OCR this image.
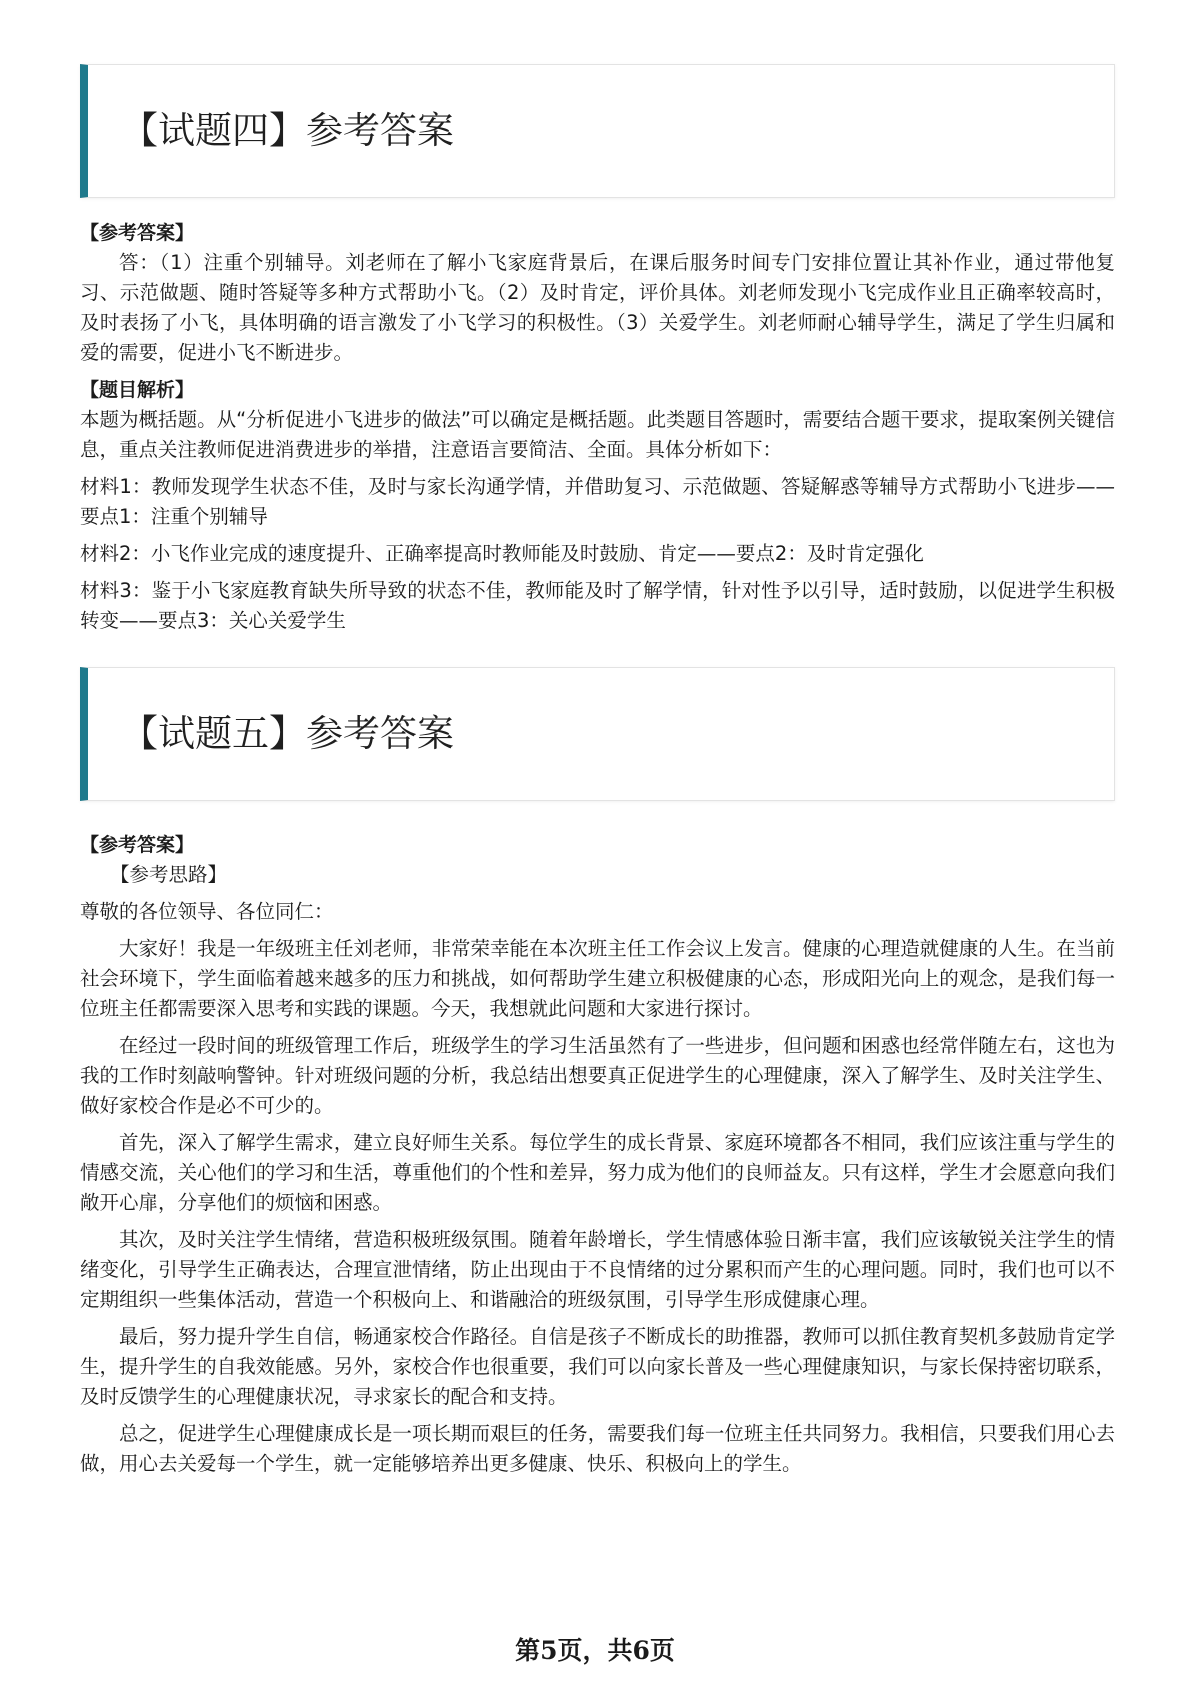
【试题四】参考答案

【参考答案】

答：（1）注重个别辅导。刘老师在了解小飞家庭背景后，在课后服务时间专门安排位置让其补作业，通过带他复习、示范做题、随时答疑等多种方式帮助小飞。（2）及时肯定，评价具体。刘老师发现小飞完成作业且正确率较高时，及时表扬了小飞，具体明确的语言激发了小飞学习的积极性。（3）关爱学生。刘老师耐心辅导学生，满足了学生归属和爱的需要，促进小飞不断进步。

【题目解析】

本题为概括题。从“分析促进小飞进步的做法”可以确定是概括题。此类题目答题时，需要结合题干要求，提取案例关键信息，重点关注教师促进消费进步的举措，注意语言要简洁、全面。具体分析如下：

材料1：教师发现学生状态不佳，及时与家长沟通学情，并借助复习、示范做题、答疑解惑等辅导方式帮助小飞进步——要点1：注重个别辅导

材料2：小飞作业完成的速度提升、正确率提高时教师能及时鼓励、肯定——要点2：及时肯定强化

材料3：鉴于小飞家庭教育缺失所导致的状态不佳，教师能及时了解学情，针对性予以引导，适时鼓励，以促进学生积极转变——要点3：关心关爱学生

【试题五】参考答案

【参考答案】

【参考思路】

尊敬的各位领导、各位同仁：

大家好！我是一年级班主任刘老师，非常荣幸能在本次班主任工作会议上发言。健康的心理造就健康的人生。在当前社会环境下，学生面临着越来越多的压力和挑战，如何帮助学生建立积极健康的心态，形成阳光向上的观念，是我们每一位班主任都需要深入思考和实践的课题。今天，我想就此问题和大家进行探讨。

在经过一段时间的班级管理工作后，班级学生的学习生活虽然有了一些进步，但问题和困惑也经常伴随左右，这也为我的工作时刻敲响警钟。针对班级问题的分析，我总结出想要真正促进学生的心理健康，深入了解学生、及时关注学生、做好家校合作是必不可少的。

首先，深入了解学生需求，建立良好师生关系。每位学生的成长背景、家庭环境都各不相同，我们应该注重与学生的情感交流，关心他们的学习和生活，尊重他们的个性和差异，努力成为他们的良师益友。只有这样，学生才会愿意向我们敞开心扉，分享他们的烦恼和困惑。

其次，及时关注学生情绪，营造积极班级氛围。随着年龄增长，学生情感体验日渐丰富，我们应该敏锐关注学生的情绪变化，引导学生正确表达，合理宣泄情绪，防止出现由于不良情绪的过分累积而产生的心理问题。同时，我们也可以不定期组织一些集体活动，营造一个积极向上、和谐融洽的班级氛围，引导学生形成健康心理。

最后，努力提升学生自信，畅通家校合作路径。自信是孩子不断成长的助推器，教师可以抓住教育契机多鼓励肯定学生，提升学生的自我效能感。另外，家校合作也很重要，我们可以向家长普及一些心理健康知识，与家长保持密切联系，及时反馈学生的心理健康状况，寻求家长的配合和支持。

总之，促进学生心理健康成长是一项长期而艰巨的任务，需要我们每一位班主任共同努力。我相信，只要我们用心去做，用心去关爱每一个学生，就一定能够培养出更多健康、快乐、积极向上的学生。

第5页，共6页
